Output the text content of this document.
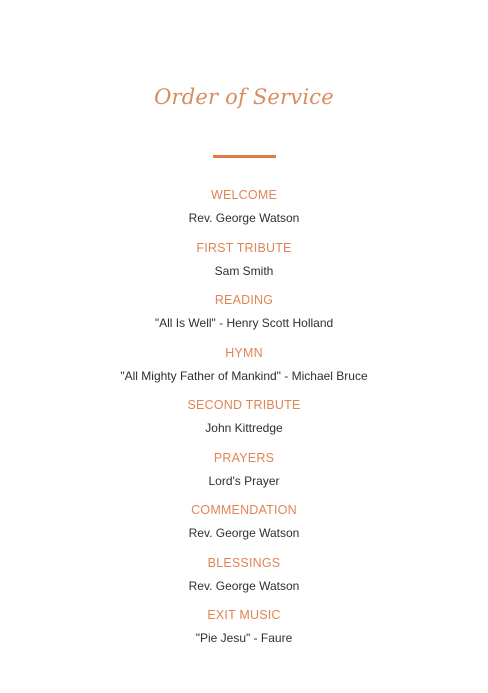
Order of Service
WELCOME
Rev. George Watson
FIRST TRIBUTE
Sam Smith
READING
"All Is Well" - Henry Scott Holland
HYMN
"All Mighty Father of Mankind" - Michael Bruce
SECOND TRIBUTE
John Kittredge
PRAYERS
Lord's Prayer
COMMENDATION
Rev. George Watson
BLESSINGS
Rev. George Watson
EXIT MUSIC
"Pie Jesu" - Faure
